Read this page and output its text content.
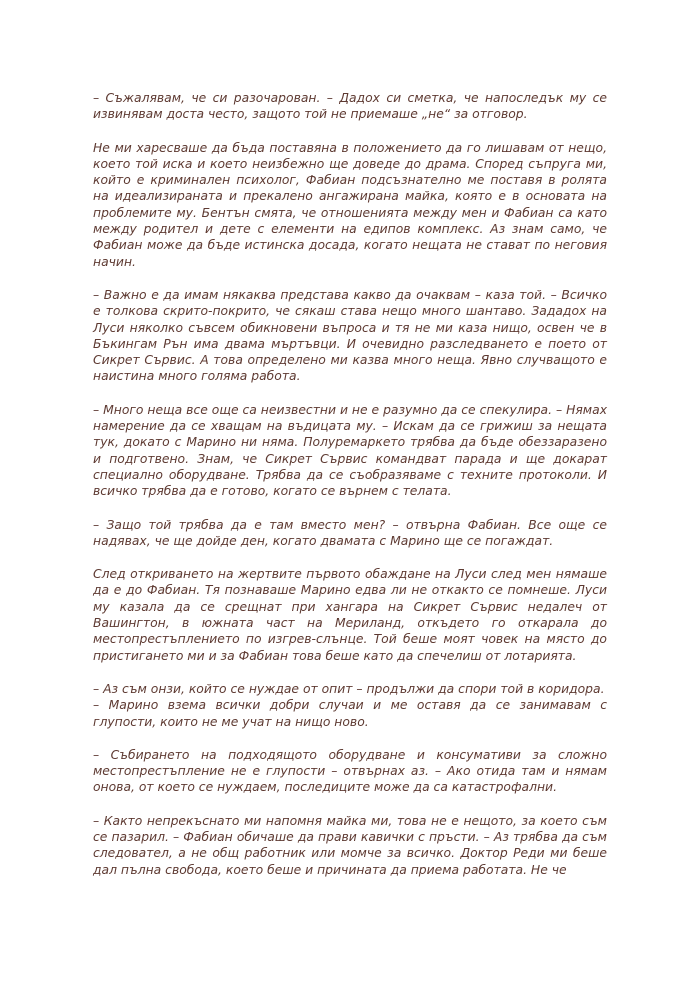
– Съжалявам, че си разочарован. – Дадох си сметка, че напоследък му се извинявам доста често, защото той не приемаше „не“ за отговор.

Не ми харесваше да бъда поставяна в положението да го лишавам от нещо, което той иска и което неизбежно ще доведе до драма. Според съпруга ми, който е криминален психолог, Фабиан подсъзнателно ме поставя в ролята на идеализираната и прекалено ангажирана майка, която е в основата на проблемите му. Бентън смята, че отношенията между мен и Фабиан са като между родител и дете с елементи на едипов комплекс. Аз знам само, че Фабиан може да бъде истинска досада, когато нещата не стават по неговия начин.

– Важно е да имам някаква представа какво да очаквам – каза той. – Всичко е толкова скрито-покрито, че сякаш става нещо много шантаво. Зададох на Луси няколко съвсем обикновени въпроса и тя не ми каза нищо, освен че в Бъкингам Рън има двама мъртъвци. И очевидно разследването е поето от Сикрет Сървис. А това определено ми казва много неща. Явно случващото е наистина много голяма работа.

– Много неща все още са неизвестни и не е разумно да се спекулира. – Нямах намерение да се хващам на въдицата му. – Искам да се грижиш за нещата тук, докато с Марино ни няма. Полуремаркето трябва да бъде обеззаразено и подготвено. Знам, че Сикрет Сървис командват парада и ще докарат специално оборудване. Трябва да се съобразяваме с техните протоколи. И всичко трябва да е готово, когато се върнем с телата.

– Защо той трябва да е там вместо мен? – отвърна Фабиан. Все още се надявах, че ще дойде ден, когато двамата с Марино ще се погаждат.

След откриването на жертвите първото обаждане на Луси след мен нямаше да е до Фабиан. Тя познаваше Марино едва ли не откакто се помнеше. Луси му казала да се срещнат при хангара на Сикрет Сървис недалеч от Вашингтон, в южната част на Мериланд, откъдето го откарала до местопрестъплението по изгрев-слънце. Той беше моят човек на място до пристигането ми и за Фабиан това беше като да спечелиш от лотарията.

– Аз съм онзи, който се нуждае от опит – продължи да спори той в коридора.
– Марино взема всички добри случаи и ме оставя да се занимавам с глупости, които не ме учат на нищо ново.

– Събирането на подходящото оборудване и консумативи за сложно местопрестъпление не е глупости – отвърнах аз. – Ако отида там и нямам онова, от което се нуждаем, последиците може да са катастрофални.

– Както непрекъснато ми напомня майка ми, това не е нещото, за което съм се пазарил. – Фабиан обичаше да прави кавички с пръсти. – Аз трябва да съм следовател, а не общ работник или момче за всичко. Доктор Реди ми беше дал пълна свобода, което беше и причината да приема работата. Не че
